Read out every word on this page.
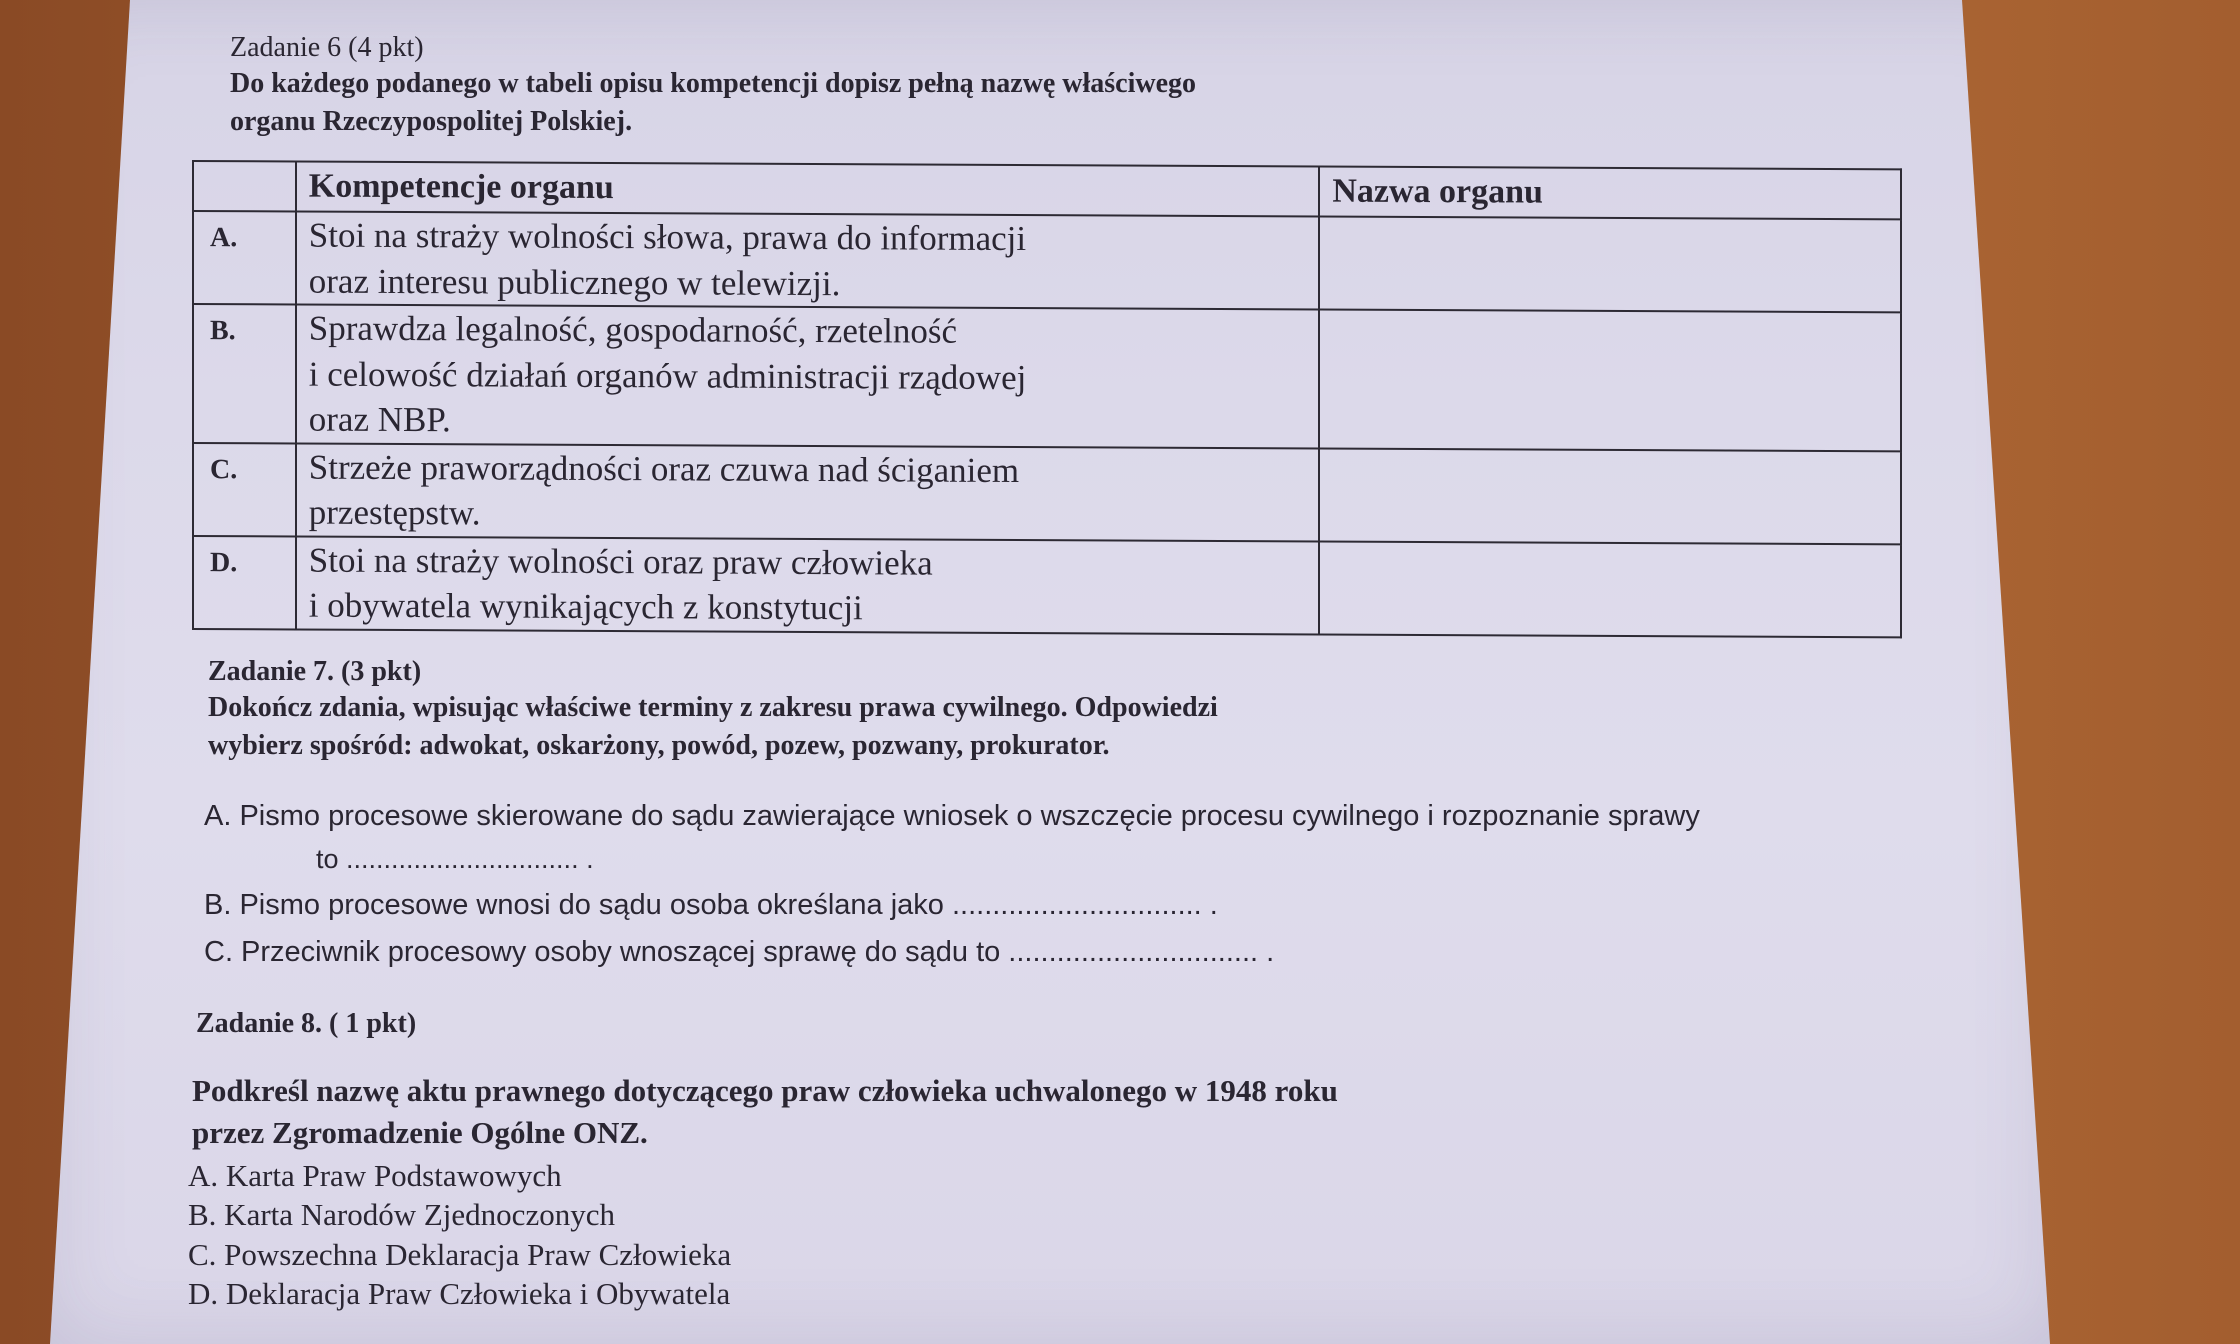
Zadanie 6 (4 pkt)

Do każdego podanego w tabeli opisu kompetencji dopisz pełną nazwę właściwego

organu Rzeczypospolitej Polskiej.

	Kompetencje organu	Nazwa organu
A.	Stoi na straży wolności słowa, prawa do informacji
oraz interesu publicznego w telewizji.	

B.	Sprawdza legalność, gospodarność, rzetelność
i celowość działań organów administracji rządowej
oraz NBP.	

C.	Strzeże praworządności oraz czuwa nad ściganiem
przestępstw.	

D.	Stoi na straży wolności oraz praw człowieka
i obywatela wynikających z konstytucji	

Zadanie 7. (3 pkt)

Dokończ zdania, wpisując właściwe terminy z zakresu prawa cywilnego. Odpowiedzi

wybierz spośród: adwokat, oskarżony, powód, pozew, pozwany, prokurator.

A. Pismo procesowe skierowane do sądu zawierające wniosek o wszczęcie procesu cywilnego i rozpoznanie sprawy
to ............................... .
B. Pismo procesowe wnosi do sądu osoba określana jako ............................... .
C. Przeciwnik procesowy osoby wnoszącej sprawę do sądu to ............................... .

Zadanie 8. ( 1 pkt)

Podkreśl nazwę aktu prawnego dotyczącego praw człowieka uchwalonego w 1948 roku

przez Zgromadzenie Ogólne ONZ.

A. Karta Praw Podstawowych
B. Karta Narodów Zjednoczonych
C. Powszechna Deklaracja Praw Człowieka
D. Deklaracja Praw Człowieka i Obywatela
